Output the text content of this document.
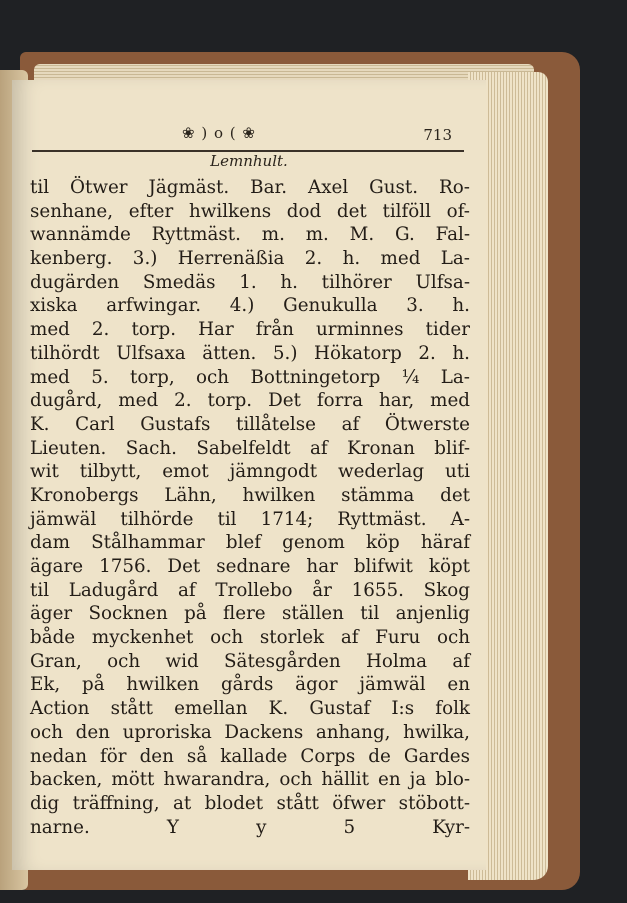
❀ ) o ( ❀	713
Lemnhult.
til Ötwer Jägmäst. Bar. Axel Gust. Ro-
senhane, efter hwilkens dod det tilföll of-
wannämde Ryttmäst. m. m. M. G. Fal-
kenberg. 3.) Herrenäßia 2. h. med La-
dugärden Smedäs 1. h. tilhörer Ulfsa-
xiska arfwingar. 4.) Genukulla 3. h.
med 2. torp. Har från urminnes tider
tilhördt Ulfsaxa ätten. 5.) Hökatorp 2. h.
med 5. torp, och Bottningetorp ¼ La-
dugård, med 2. torp. Det forra har, med
K. Carl Gustafs tillåtelse af Ötwerste
Lieuten. Sach. Sabelfeldt af Kronan blif-
wit tilbytt, emot jämngodt wederlag uti
Kronobergs Lähn, hwilken stämma det
jämwäl tilhörde til 1714; Ryttmäst. A-
dam Stålhammar blef genom köp häraf
ägare 1756. Det sednare har blifwit köpt
til Ladugård af Trollebo år 1655. Skog
äger Socknen på flere ställen til anjenlig
både myckenhet och storlek af Furu och
Gran, och wid Sätesgården Holma af
Ek, på hwilken gårds ägor jämwäl en
Action stått emellan K. Gustaf I:s folk
och den uproriska Dackens anhang, hwilka,
nedan för den så kallade Corps de Gardes
backen, mött hwarandra, och hällit en ja blo-
dig träffning, at blodet stått öfwer stöbott-
narne. Y y 5 Kyr-
